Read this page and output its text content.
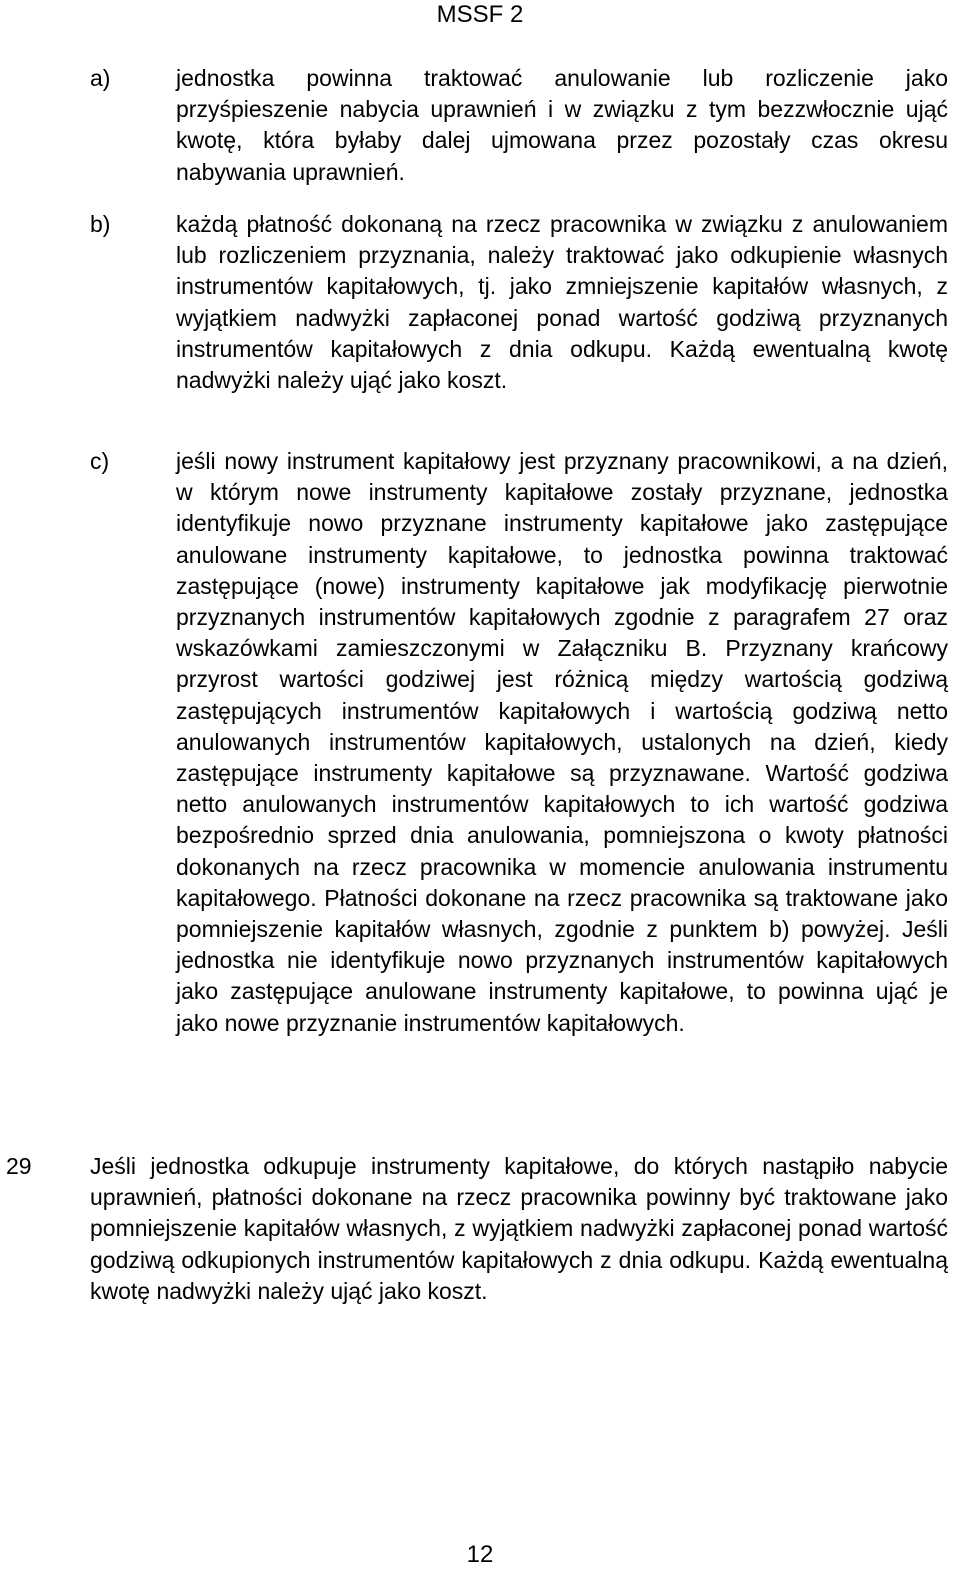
MSSF 2
a)	jednostka powinna traktować anulowanie lub rozliczenie jako przyśpieszenie nabycia uprawnień i w związku z tym bezzwłocznie ująć kwotę, która byłaby dalej ujmowana przez pozostały czas okresu nabywania uprawnień.
b)	każdą płatność dokonaną na rzecz pracownika w związku z anulowaniem lub rozliczeniem przyznania, należy traktować jako odkupienie własnych instrumentów kapitałowych, tj. jako zmniejszenie kapitałów własnych, z wyjątkiem nadwyżki zapłaconej ponad wartość godziwą przyznanych instrumentów kapitałowych z dnia odkupu. Każdą ewentualną kwotę nadwyżki należy ująć jako koszt.
c)	jeśli nowy instrument kapitałowy jest przyznany pracownikowi, a na dzień, w którym nowe instrumenty kapitałowe zostały przyznane, jednostka identyfikuje nowo przyznane instrumenty kapitałowe jako zastępujące anulowane instrumenty kapitałowe, to jednostka powinna traktować zastępujące (nowe) instrumenty kapitałowe jak modyfikację pierwotnie przyznanych instrumentów kapitałowych zgodnie z paragrafem 27 oraz wskazówkami zamieszczonymi w Załączniku B. Przyznany krańcowy przyrost wartości godziwej jest różnicą między wartością godziwą zastępujących instrumentów kapitałowych i wartością godziwą netto anulowanych instrumentów kapitałowych, ustalonych na dzień, kiedy zastępujące instrumenty kapitałowe są przyznawane. Wartość godziwa netto anulowanych instrumentów kapitałowych to ich wartość godziwa bezpośrednio sprzed dnia anulowania, pomniejszona o kwoty płatności dokonanych na rzecz pracownika w momencie anulowania instrumentu kapitałowego. Płatności dokonane na rzecz pracownika są traktowane jako pomniejszenie kapitałów własnych, zgodnie z punktem b) powyżej. Jeśli jednostka nie identyfikuje nowo przyznanych instrumentów kapitałowych jako zastępujące anulowane instrumenty kapitałowe, to powinna ująć je jako nowe przyznanie instrumentów kapitałowych.
29	Jeśli jednostka odkupuje instrumenty kapitałowe, do których nastąpiło nabycie uprawnień, płatności dokonane na rzecz pracownika powinny być traktowane jako pomniejszenie kapitałów własnych, z wyjątkiem nadwyżki zapłaconej ponad wartość godziwą odkupionych instrumentów kapitałowych z dnia odkupu. Każdą ewentualną kwotę nadwyżki należy ująć jako koszt.
12
